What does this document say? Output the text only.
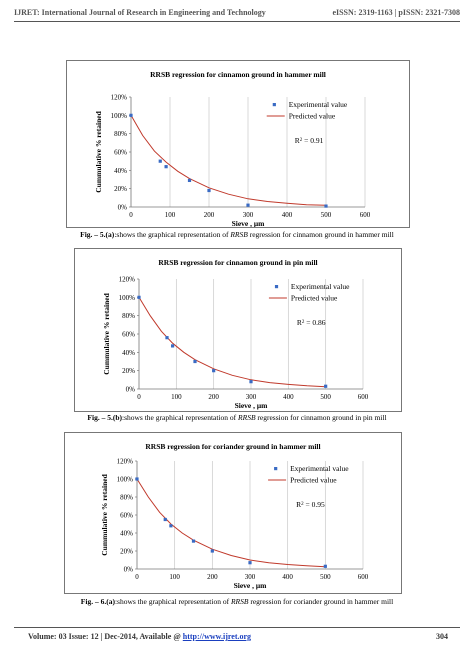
IJRET: International Journal of Research in Engineering and Technology	eISSN: 2319-1163 | pISSN: 2321-7308
RRSB regression for cinnamon ground in hammer mill
0	100	200	300	400	500	600
0%
20%
40%
60%
80%
100%
120%
Sieve , μm
Cummulative % retained
Experimental value
Predicted value
$R^2 = 0.91$
Fig. – 5.(a):shows the graphical representation of RRSB regression for cinnamon ground in hammer mill
RRSB regression for cinnamon ground in pin mill
0	100	200	300	400	500	600
0%
20%
40%
60%
80%
100%
120%
Sieve , μm
Cummulative % retained
Experimental value
Predicted value
$R^2 = 0.86$
Fig. – 5.(b):shows the graphical representation of RRSB regression for cinnamon ground in pin mill
RRSB regression for coriander ground in hammer mill
0	100	200	300	400	500	600
0%
20%
40%
60%
80%
100%
120%
Sieve , μm
Cummulative % retained
Experimental value
Predicted value
$R^2 = 0.95$
Fig. – 6.(a):shows the graphical representation of RRSB regression for coriander ground in hammer mill
Volume: 03 Issue: 12 | Dec-2014, Available @ http://www.ijret.org	304
